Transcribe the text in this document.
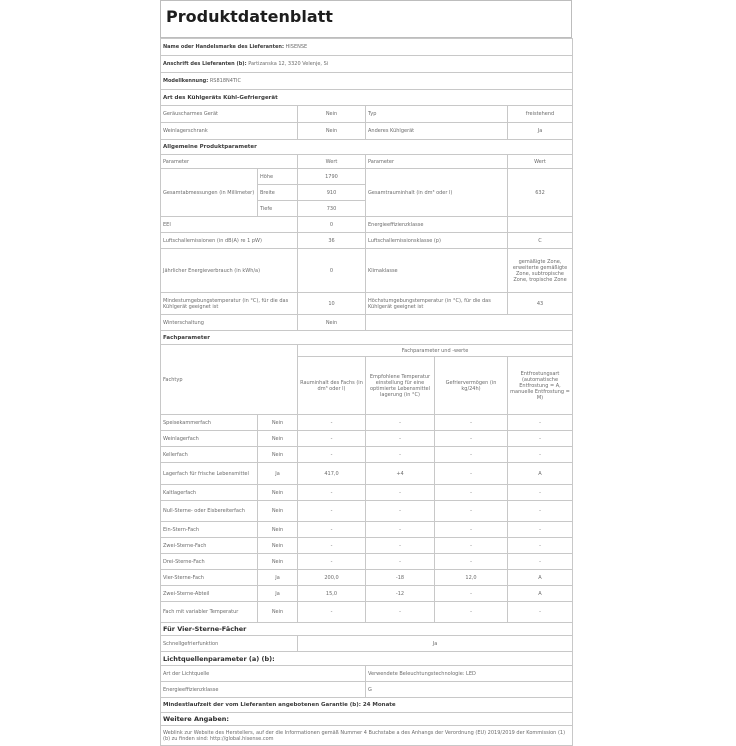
Produktdatenblatt
Name oder Handelsmarke des Lieferanten: HISENSE					
Anschrift des Lieferanten (b): Partizanska 12, 3320 Velenje, Si					
Modellkennung: RS818N4TIC					
Art des Kühlgeräts Kühl-Gefriergerät					
Geräuscharmes Gerät		Nein	Typ		freistehend
Weinlagerschrank		Nein	Anderes Kühlgerät		Ja
Allgemeine Produktparameter					
Parameter		Wert	Parameter		Wert
Gesamtabmessungen (in Millimeter)	Höhe	1790	Gesamtrauminhalt (in dm³ oder l)		632
	Breite	910			
	Tiefe	730			
EEI		0	Energieeffizienzklasse		
Luftschallemissionen (in dB(A) re 1 pW)		36	Luftschallemissionsklasse (p)		C
Jährlicher Energieverbrauch (in kWh/a)		0	Klimaklasse		gemäßigte Zone, erweiterte gemäßigte Zone, subtropische Zone, tropische Zone
Mindestumgebungstemperatur (in °C), für die das Kühlgerät geeignet ist		10	Höchstumgebungstemperatur (in °C), für die das Kühlgerät geeignet ist		43
Winterschaltung		Nein			
Fachparameter					
Fachtyp		Fachparameter und -werte			
		Rauminhalt des Fachs (in dm³ oder l)	Empfohlene Temperatur einstellung für eine optimierte Lebensmittel lagerung (in °C)	Gefriervermögen (in kg/24h)	Entfrostungsart (automatische Entfrostung = A, manuelle Entfrostung = M)
Speisekammerfach	Nein	-	-	-	-
Weinlagerfach	Nein	-	-	-	-
Kellerfach	Nein	-	-	-	-
Lagerfach für frische Lebensmittel	Ja	417,0	+4	-	A
Kaltlagerfach	Nein	-	-	-	-
Null-Sterne- oder Eisbereiterfach	Nein	-	-	-	-
Ein-Stern-Fach	Nein	-	-	-	-
Zwei-Sterne-Fach	Nein	-	-	-	-
Drei-Sterne-Fach	Nein	-	-	-	-
Vier-Sterne-Fach	Ja	200,0	-18	12,0	A
Zwei-Sterne-Abteil	Ja	15,0	-12	-	A
Fach mit variabler Temperatur	Nein	-	-	-	-
Für Vier-Sterne-Fächer					
Schnellgefrierfunktion		Ja			
Lichtquellenparameter (a) (b):					
Art der Lichtquelle			Verwendete Beleuchtungstechnologie: LED		
Energieeffizienzklasse			G		
Mindestlaufzeit der vom Lieferanten angebotenen Garantie (b): 24 Monate					
Weitere Angaben:					
Weblink zur Website des Herstellers, auf der die Informationen gemäß Nummer 4 Buchstabe a des Anhangs der Verordnung (EU) 2019/2019 der Kommission (1) (b) zu finden sind: http://global.hisense.com					
